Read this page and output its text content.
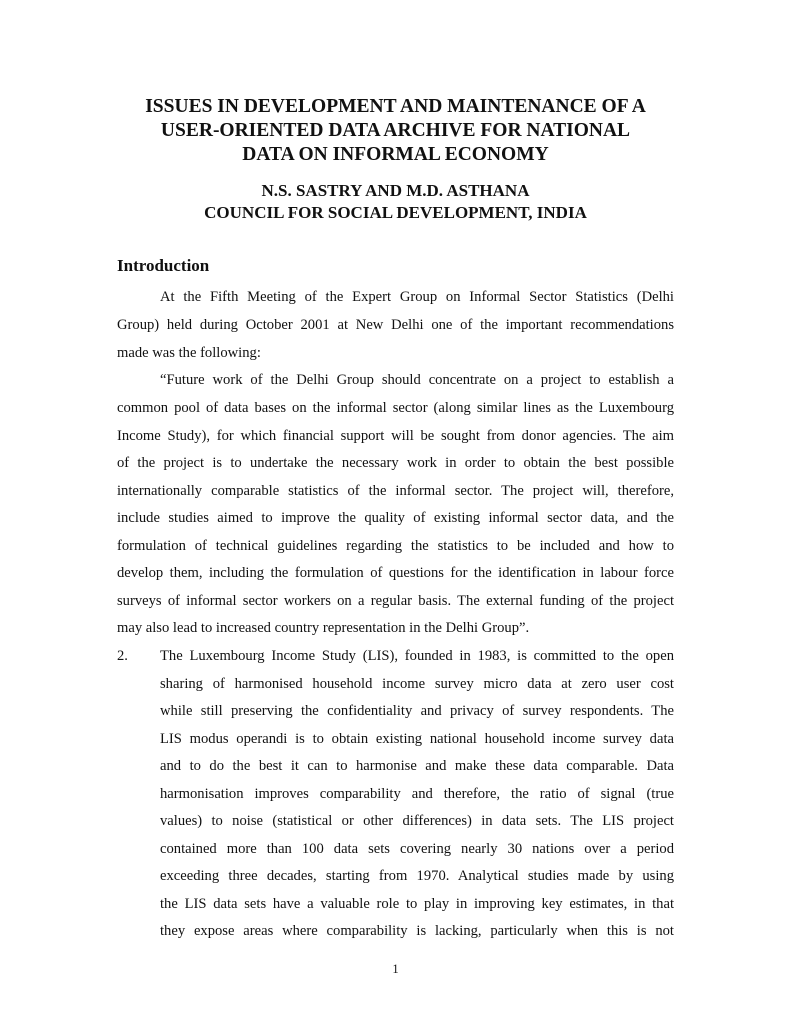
ISSUES IN DEVELOPMENT AND MAINTENANCE OF A
USER-ORIENTED DATA ARCHIVE FOR NATIONAL
DATA ON INFORMAL ECONOMY
N.S. SASTRY AND M.D. ASTHANA
COUNCIL FOR SOCIAL DEVELOPMENT, INDIA
Introduction
At the Fifth Meeting of the Expert Group on Informal Sector Statistics (Delhi
Group) held during October 2001 at New Delhi one of the important recommendations
made was the following:
“Future work of the Delhi Group should concentrate on a project to establish a
common pool of data bases on the informal sector (along similar lines as the Luxembourg
Income Study), for which financial support will be sought from donor agencies. The aim
of the project is to undertake the necessary work in order to obtain the best possible
internationally comparable statistics of the informal sector. The project will, therefore,
include studies aimed to improve the quality of existing informal sector data, and the
formulation of technical guidelines regarding the statistics to be included and how to
develop them, including the formulation of questions for the identification in labour force
surveys of informal sector workers on a regular basis. The external funding of the project
may also lead to increased country representation in the Delhi Group”.
2. The Luxembourg Income Study (LIS), founded in 1983, is committed to the open
sharing of harmonised household income survey micro data at zero user cost
while still preserving the confidentiality and privacy of survey respondents. The
LIS modus operandi is to obtain existing national household income survey data
and to do the best it can to harmonise and make these data comparable. Data
harmonisation improves comparability and therefore, the ratio of signal (true
values) to noise (statistical or other differences) in data sets. The LIS project
contained more than 100 data sets covering nearly 30 nations over a period
exceeding three decades, starting from 1970. Analytical studies made by using
the LIS data sets have a valuable role to play in improving key estimates, in that
they expose areas where comparability is lacking, particularly when this is not
1
